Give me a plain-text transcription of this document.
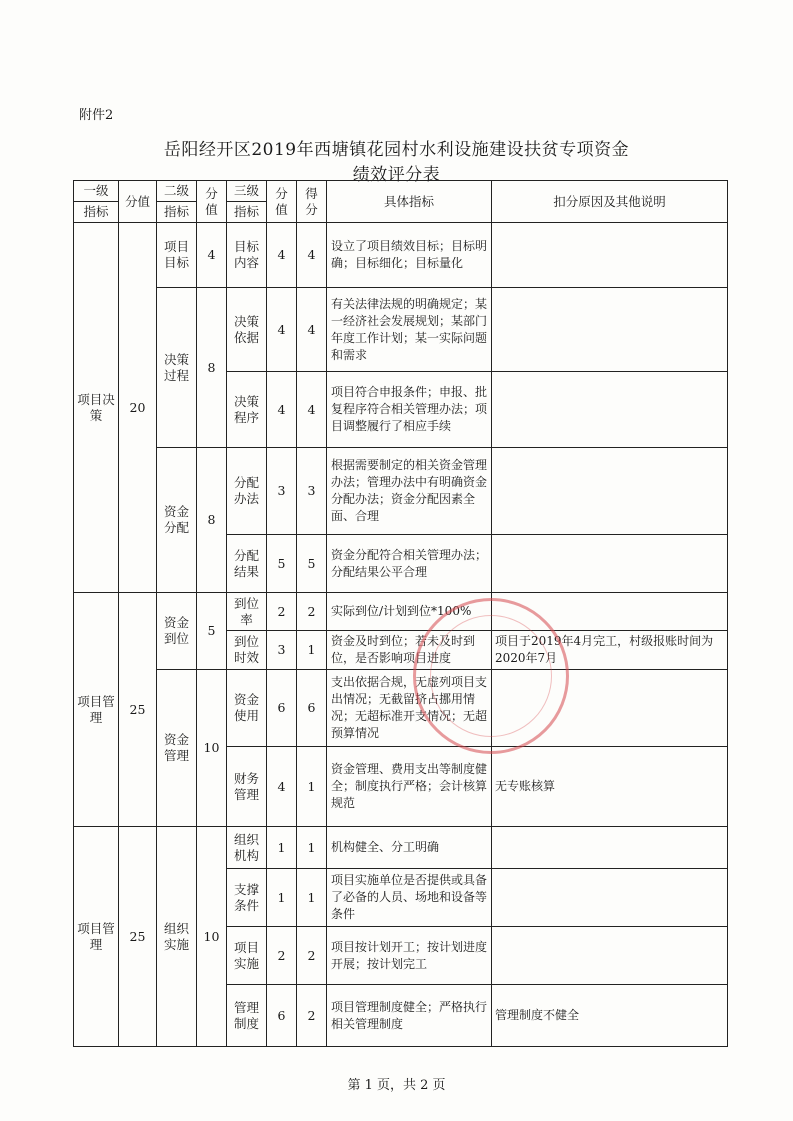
附件2
岳阳经开区2019年西塘镇花园村水利设施建设扶贫专项资金
绩效评分表
一级	分值	二级	分值	三级	分值	得分	具体指标	扣分原因及其他说明
指标		指标		指标				
项目决策	20	项目目标	4	目标内容	4	4	设立了项目绩效目标；目标明确；目标细化；目标量化	
		决策过程	8	决策依据	4	4	有关法律法规的明确规定；某一经济社会发展规划；某部门年度工作计划；某一实际问题和需求	
				决策程序	4	4	项目符合申报条件；申报、批复程序符合相关管理办法；项目调整履行了相应手续	
		资金分配	8	分配办法	3	3	根据需要制定的相关资金管理办法；管理办法中有明确资金分配办法；资金分配因素全面、合理	
				分配结果	5	5	资金分配符合相关管理办法；分配结果公平合理	
项目管理	25	资金到位	5	到位率	2	2	实际到位/计划到位*100%	
				到位时效	3	1	资金及时到位；若未及时到位，是否影响项目进度	项目于2019年4月完工，村级报账时间为2020年7月
		资金管理	10	资金使用	6	6	支出依据合规，无虚列项目支出情况；无截留挤占挪用情况；无超标准开支情况；无超预算情况	
				财务管理	4	1	资金管理、费用支出等制度健全；制度执行严格；会计核算规范	无专账核算
项目管理	25	组织实施	10	组织机构	1	1	机构健全、分工明确	
				支撑条件	1	1	项目实施单位是否提供或具备了必备的人员、场地和设备等条件	
				项目实施	2	2	项目按计划开工；按计划进度开展；按计划完工	
				管理制度	6	2	项目管理制度健全；严格执行相关管理制度	管理制度不健全
第 1 页，共 2 页
